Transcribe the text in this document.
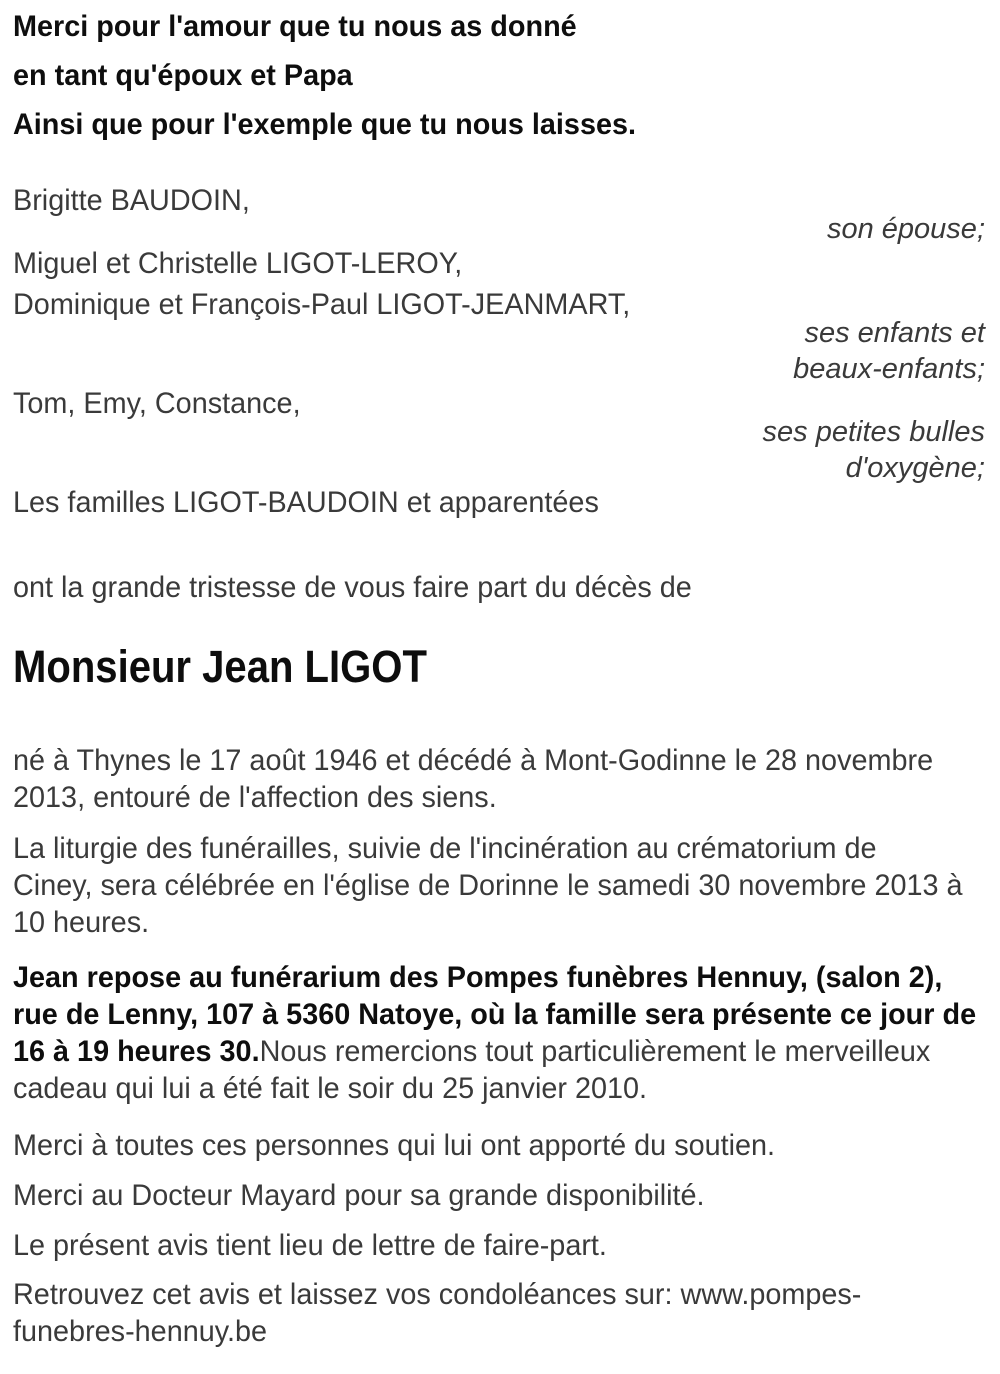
Merci pour l'amour que tu nous as donné
en tant qu'époux et Papa
Ainsi que pour l'exemple que tu nous laisses.
Brigitte BAUDOIN,
son épouse;
Miguel et Christelle LIGOT-LEROY,
Dominique et François-Paul LIGOT-JEANMART,
ses enfants et
beaux-enfants;
Tom, Emy, Constance,
ses petites bulles
d'oxygène;
Les familles LIGOT-BAUDOIN et apparentées
ont la grande tristesse de vous faire part du décès de
Monsieur Jean LIGOT
né à Thynes le 17 août 1946 et décédé à Mont-Godinne le 28 novembre
2013, entouré de l'affection des siens.
La liturgie des funérailles, suivie de l'incinération au crématorium de
Ciney, sera célébrée en l'église de Dorinne le samedi 30 novembre 2013 à
10 heures.
Jean repose au funérarium des Pompes funèbres Hennuy, (salon 2),
rue de Lenny, 107 à 5360 Natoye, où la famille sera présente ce jour de
16 à 19 heures 30.Nous remercions tout particulièrement le merveilleux
cadeau qui lui a été fait le soir du 25 janvier 2010.
Merci à toutes ces personnes qui lui ont apporté du soutien.
Merci au Docteur Mayard pour sa grande disponibilité.
Le présent avis tient lieu de lettre de faire-part.
Retrouvez cet avis et laissez vos condoléances sur: www.pompes-
funebres-hennuy.be
